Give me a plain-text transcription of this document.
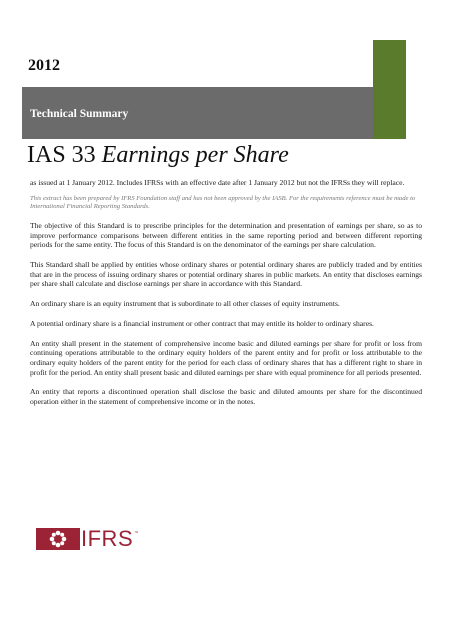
2012
Technical Summary
IAS 33 Earnings per Share

as issued at 1 January 2012. Includes IFRSs with an effective date after 1 January 2012 but not the IFRSs they will replace.

This extract has been prepared by IFRS Foundation staff and has not been approved by the IASB. For the requirements reference must be made to International Financial Reporting Standards.

The objective of this Standard is to prescribe principles for the determination and presentation of earnings per share, so as to improve performance comparisons between different entities in the same reporting period and between different reporting periods for the same entity. The focus of this Standard is on the denominator of the earnings per share calculation.

This Standard shall be applied by entities whose ordinary shares or potential ordinary shares are publicly traded and by entities that are in the process of issuing ordinary shares or potential ordinary shares in public markets. An entity that discloses earnings per share shall calculate and disclose earnings per share in accordance with this Standard.

An ordinary share is an equity instrument that is subordinate to all other classes of equity instruments.

A potential ordinary share is a financial instrument or other contract that may entitle its holder to ordinary shares.

An entity shall present in the statement of comprehensive income basic and diluted earnings per share for profit or loss from continuing operations attributable to the ordinary equity holders of the parent entity and for profit or loss attributable to the ordinary equity holders of the parent entity for the period for each class of ordinary shares that has a different right to share in profit for the period. An entity shall present basic and diluted earnings per share with equal prominence for all periods presented.

An entity that reports a discontinued operation shall disclose the basic and diluted amounts per share for the discontinued operation either in the statement of comprehensive income or in the notes.

IFRS ™
